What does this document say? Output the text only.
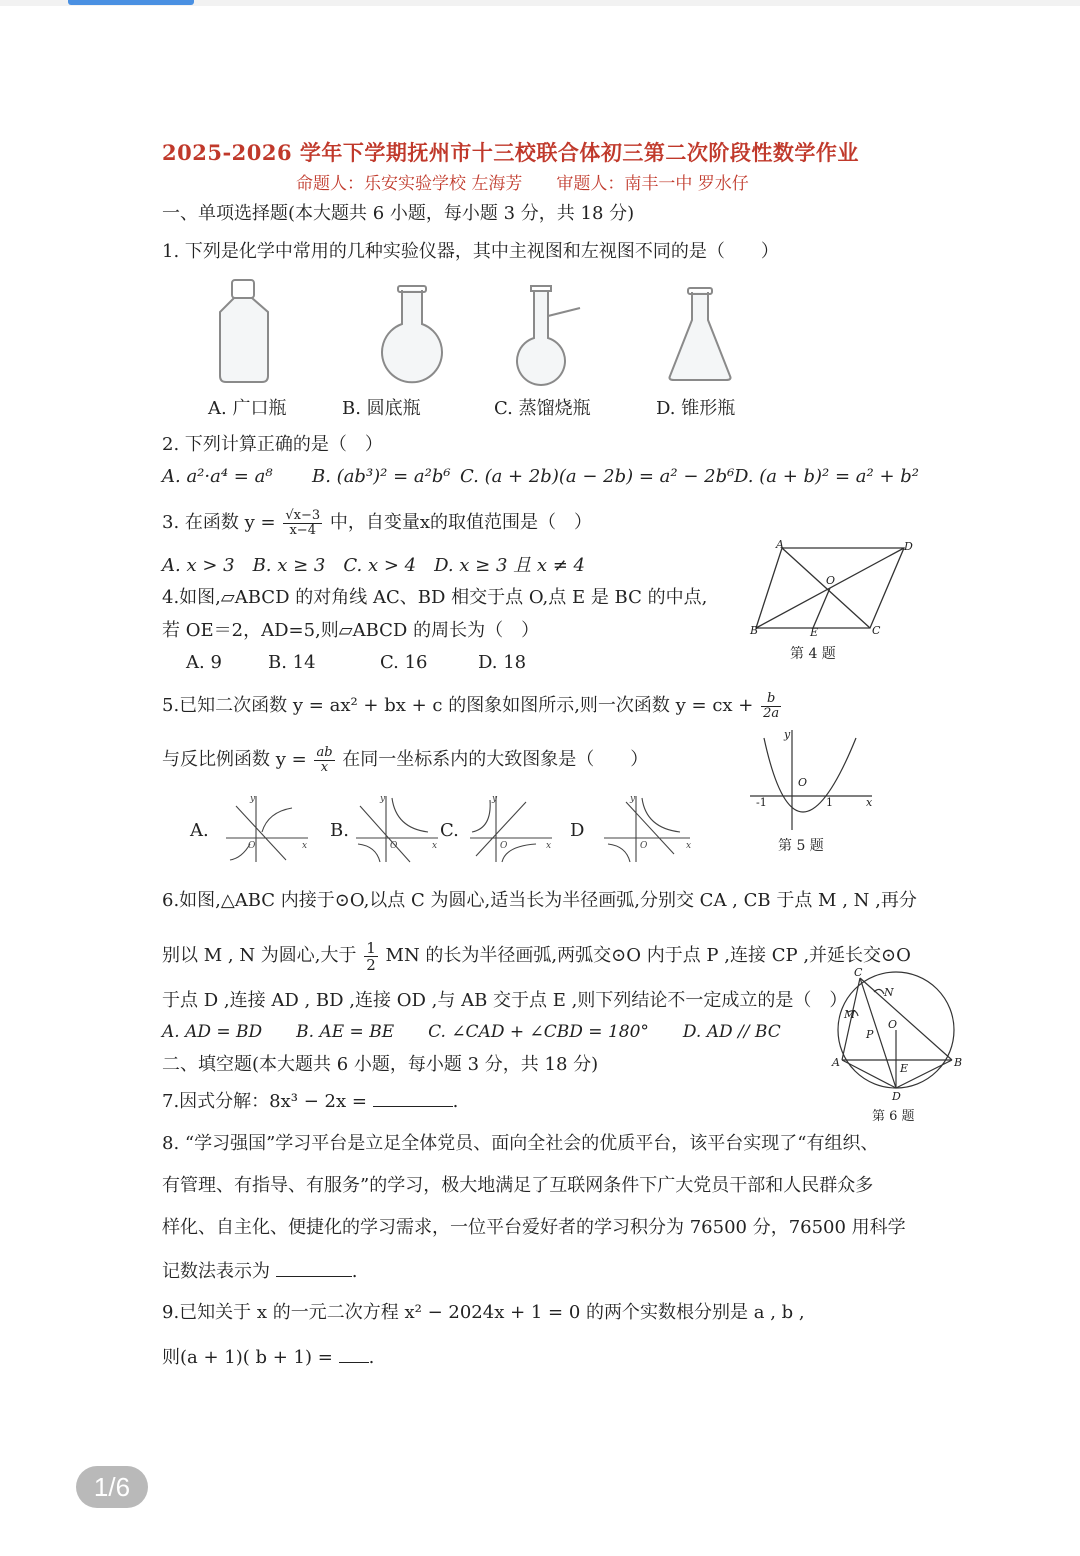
2025-2026 学年下学期抚州市十三校联合体初三第二次阶段性数学作业
命题人：乐安实验学校 左海芳　　审题人：南丰一中 罗水仔
一、单项选择题(本大题共 6 小题，每小题 3 分，共 18 分)
1. 下列是化学中常用的几种实验仪器，其中主视图和左视图不同的是（　　）
A. 广口瓶	B. 圆底瓶	C. 蒸馏烧瓶	D. 锥形瓶
2. 下列计算正确的是（　）
A. a²·a⁴ = a⁸ B. (ab³)² = a²b⁶ C. (a + 2b)(a − 2b) = a² − 2b⁶ D. (a + b)² = a² + b²
3. 在函数 $y = \frac{√x-3}{x-4}$ 中，自变量x的取值范围是（　）
A. x > 3　B. x ≥ 3　C. x > 4　D. x ≥ 3 且 x ≠ 4
4.如图,▱ABCD 的对角线 AC、BD 相交于点 O,点 E 是 BC 的中点,
若 OE＝2，AD=5,则▱ABCD 的周长为（　）
A. 9	B. 14	C. 16	D. 18
A	D
O
B	E	C
第 4 题
5.已知二次函数 y = ax² + bx + c 的图象如图所示,则一次函数 y = cx + $\frac{b}{2a}$
与反比例函数 $y = \frac{ab}{x}$ 在同一坐标系内的大致图象是（　　）
A.	B.	C.	D
y
x
O
y
x
O
y
x
O
y
x
O
y
x
O
-1	1
第 5 题
6.如图,△ABC 内接于⊙O,以点 C 为圆心,适当长为半径画弧,分别交 CA , CB 于点 M , N ,再分
别以 M , N 为圆心,大于 $\frac{1}{2}$ MN 的长为半径画弧,两弧交⊙O 内于点 P ,连接 CP ,并延长交⊙O
于点 D ,连接 AD , BD ,连接 OD ,与 AB 交于点 E ,则下列结论不一定成立的是（　）
A. AD = BD　　B. AE = BE　　C. ∠CAD + ∠CBD = 180°　　D. AD // BC
C
N
M
O
P
A	B
E
D
第 6 题
二、填空题(本大题共 6 小题，每小题 3 分，共 18 分)
7.因式分解：8x³ − 2x =	.
8. “学习强国”学习平台是立足全体党员、面向全社会的优质平台，该平台实现了“有组织、
有管理、有指导、有服务”的学习，极大地满足了互联网条件下广大党员干部和人民群众多
样化、自主化、便捷化的学习需求，一位平台爱好者的学习积分为 76500 分，76500 用科学
记数法表示为	.
9.已知关于 x 的一元二次方程 x² − 2024x + 1 = 0 的两个实数根分别是 a , b ,
则(a + 1)( b + 1) = .
1/6
